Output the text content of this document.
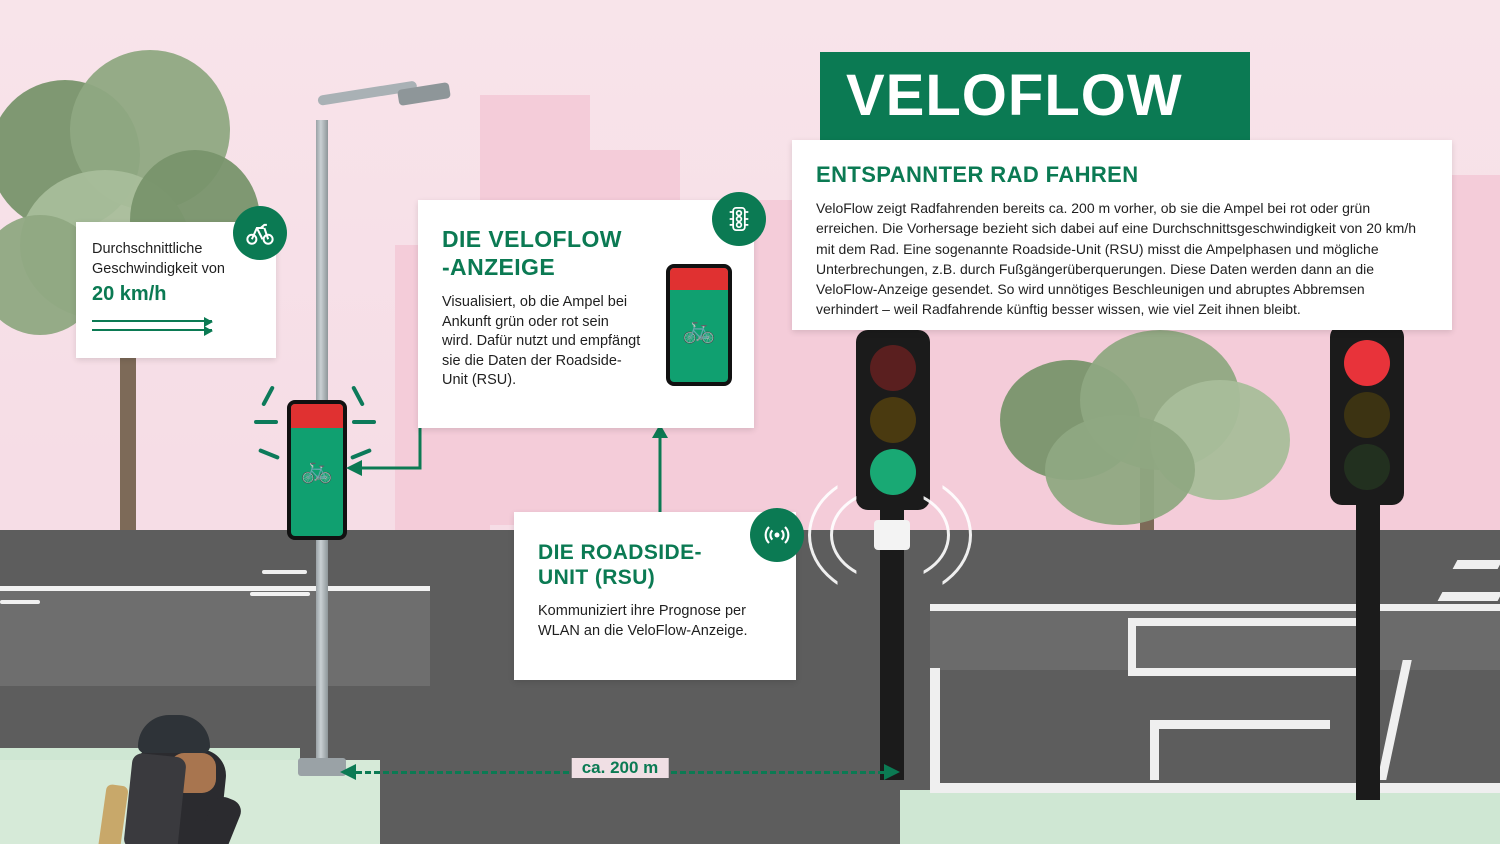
🚲
ca. 200 m
VELOFLOW
ENTSPANNTER RAD FAHREN
VeloFlow zeigt Radfahrenden bereits ca. 200 m vorher, ob sie die Ampel bei rot oder grün erreichen. Die Vorhersage bezieht sich dabei auf eine Durchschnittsgeschwindigkeit von 20 km/h mit dem Rad. Eine sogenannte Roadside-Unit (RSU) misst die Ampelphasen und mögliche Unterbrechungen, z.B. durch Fußgängerüberquerungen. Diese Daten werden dann an die VeloFlow-Anzeige gesendet. So wird unnötiges Beschleunigen und abruptes Abbremsen verhindert – weil Radfahrende künftig besser wissen, wie viel Zeit ihnen bleibt.
Durchschnittliche Geschwindigkeit von
20 km/h
DIE VELOFLOW
-ANZEIGE
Visualisiert, ob die Ampel bei Ankunft grün oder rot sein wird. Dafür nutzt und empfängt sie die Daten der Roadside-Unit (RSU).
🚲
DIE ROADSIDE-
UNIT (RSU)
Kommuniziert ihre Prognose per WLAN an die VeloFlow-Anzeige.
